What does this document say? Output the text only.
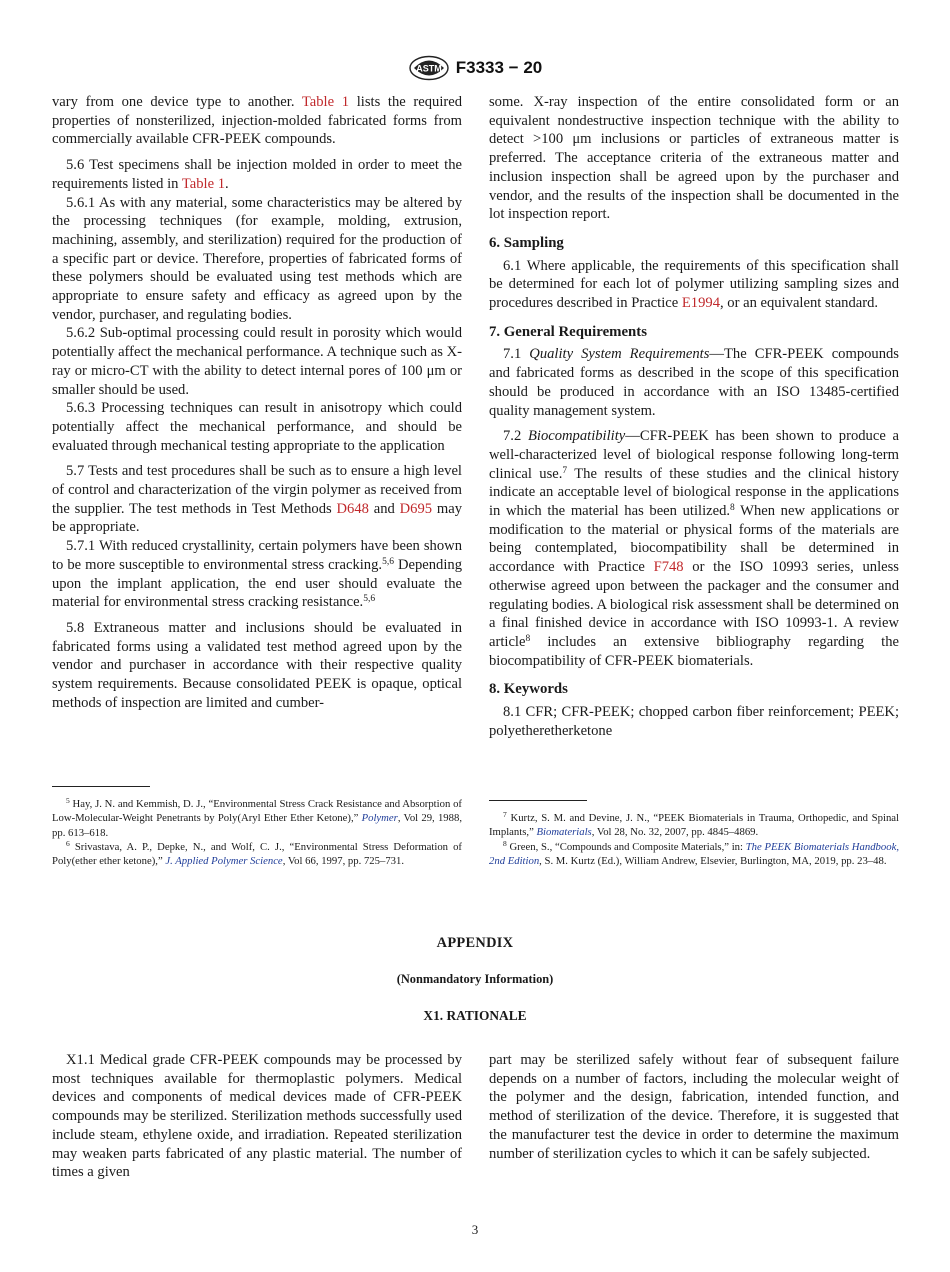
ASTM F3333 − 20
vary from one device type to another. Table 1 lists the required properties of nonsterilized, injection-molded fabricated forms from commercially available CFR-PEEK compounds.
5.6 Test specimens shall be injection molded in order to meet the requirements listed in Table 1.
5.6.1 As with any material, some characteristics may be altered by the processing techniques (for example, molding, extrusion, machining, assembly, and sterilization) required for the production of a specific part or device. Therefore, properties of fabricated forms of these polymers should be evaluated using test methods which are appropriate to ensure safety and efficacy as agreed upon by the vendor, purchaser, and regulating bodies.
5.6.2 Sub-optimal processing could result in porosity which would potentially affect the mechanical performance. A technique such as X-ray or micro-CT with the ability to detect internal pores of 100 μm or smaller should be used.
5.6.3 Processing techniques can result in anisotropy which could potentially affect the mechanical performance, and should be evaluated through mechanical testing appropriate to the application
5.7 Tests and test procedures shall be such as to ensure a high level of control and characterization of the virgin polymer as received from the supplier. The test methods in Test Methods D648 and D695 may be appropriate.
5.7.1 With reduced crystallinity, certain polymers have been shown to be more susceptible to environmental stress cracking.$^{5,6}$ Depending upon the implant application, the end user should evaluate the material for environmental stress cracking resistance.$^{5,6}$
5.8 Extraneous matter and inclusions should be evaluated in fabricated forms using a validated test method agreed upon by the vendor and purchaser in accordance with their respective quality system requirements. Because consolidated PEEK is opaque, optical methods of inspection are limited and cumber-
some. X-ray inspection of the entire consolidated form or an equivalent nondestructive inspection technique with the ability to detect >100 μm inclusions or particles of extraneous matter is preferred. The acceptance criteria of the extraneous matter and inclusion inspection shall be agreed upon by the purchaser and vendor, and the results of the inspection shall be documented in the lot inspection report.
6. Sampling
6.1 Where applicable, the requirements of this specification shall be determined for each lot of polymer utilizing sampling sizes and procedures described in Practice E1994, or an equivalent standard.
7. General Requirements
7.1 Quality System Requirements—The CFR-PEEK compounds and fabricated forms as described in the scope of this specification should be produced in accordance with an ISO 13485-certified quality management system.
7.2 Biocompatibility—CFR-PEEK has been shown to produce a well-characterized level of biological response following long-term clinical use.$^7$ The results of these studies and the clinical history indicate an acceptable level of biological response in the applications in which the material has been utilized.$^8$ When new applications or modification to the material or physical forms of the materials are being contemplated, biocompatibility shall be determined in accordance with Practice F748 or the ISO 10993 series, unless otherwise agreed upon between the packager and the consumer and regulating bodies. A biological risk assessment shall be determined on a final finished device in accordance with ISO 10993-1. A review article$^8$ includes an extensive bibliography regarding the biocompatibility of CFR-PEEK biomaterials.
8. Keywords
8.1 CFR; CFR-PEEK; chopped carbon fiber reinforcement; PEEK; polyetheretherketone
$^5$ Hay, J. N. and Kemmish, D. J., “Environmental Stress Crack Resistance and Absorption of Low-Molecular-Weight Penetrants by Poly(Aryl Ether Ether Ketone),” Polymer, Vol 29, 1988, pp. 613–618.
$^6$ Srivastava, A. P., Depke, N., and Wolf, C. J., “Environmental Stress Deformation of Poly(ether ether ketone),” J. Applied Polymer Science, Vol 66, 1997, pp. 725–731.
$^7$ Kurtz, S. M. and Devine, J. N., “PEEK Biomaterials in Trauma, Orthopedic, and Spinal Implants,” Biomaterials, Vol 28, No. 32, 2007, pp. 4845–4869.
$^8$ Green, S., “Compounds and Composite Materials,” in: The PEEK Biomaterials Handbook, 2nd Edition, S. M. Kurtz (Ed.), William Andrew, Elsevier, Burlington, MA, 2019, pp. 23–48.
APPENDIX
(Nonmandatory Information)
X1. RATIONALE
X1.1 Medical grade CFR-PEEK compounds may be processed by most techniques available for thermoplastic polymers. Medical devices and components of medical devices made of CFR-PEEK compounds may be sterilized. Sterilization methods successfully used include steam, ethylene oxide, and irradiation. Repeated sterilization may weaken parts fabricated of any plastic material. The number of times a given
part may be sterilized safely without fear of subsequent failure depends on a number of factors, including the molecular weight of the polymer and the design, fabrication, intended function, and method of sterilization of the device. Therefore, it is suggested that the manufacturer test the device in order to determine the maximum number of sterilization cycles to which it can be safely subjected.
3
